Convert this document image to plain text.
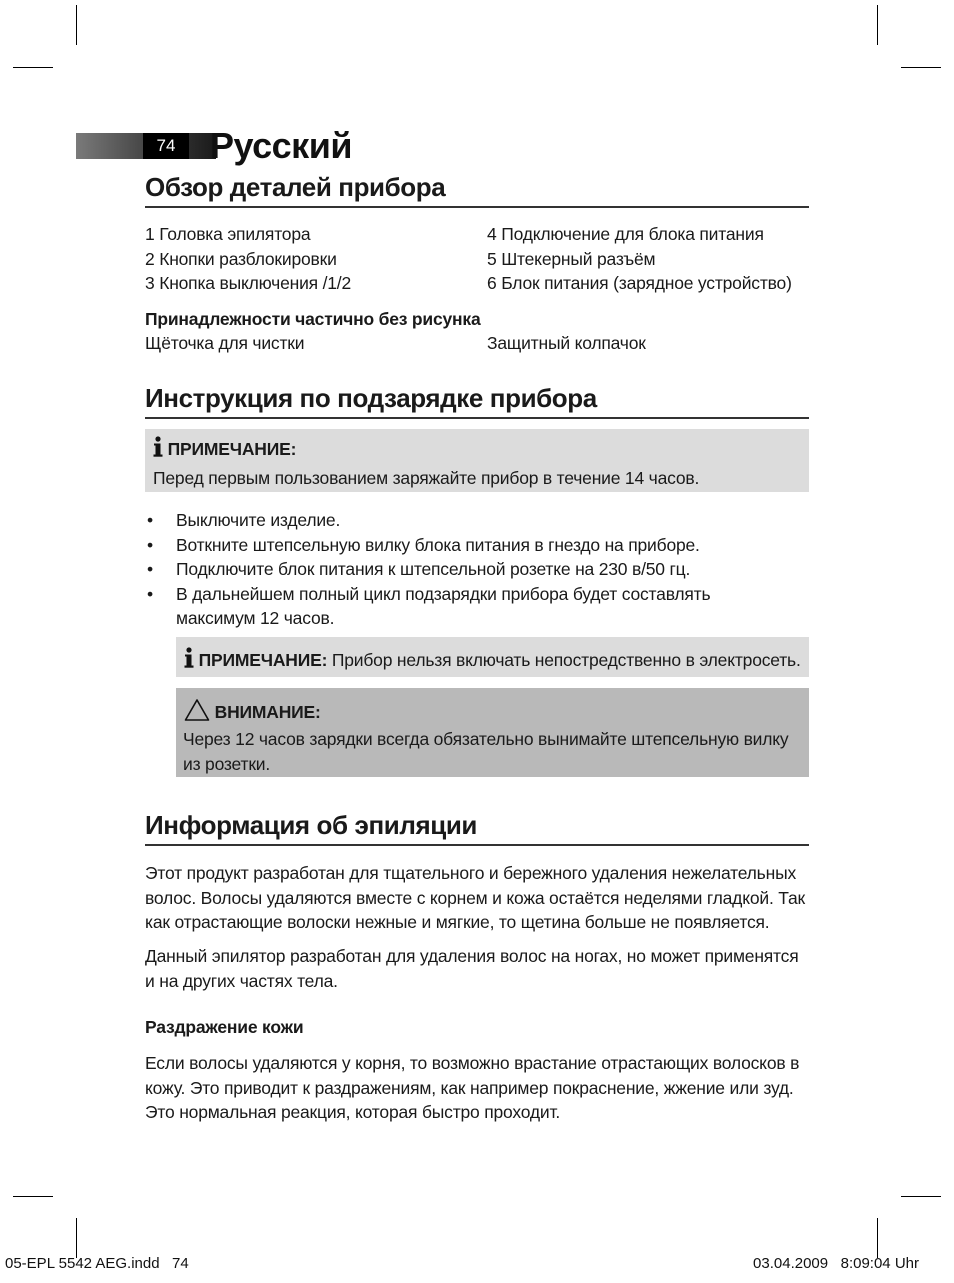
74 Русский
Обзор деталей прибора
1 Головка эпилятора
2 Кнопки разблокировки
3 Кнопка выключения /1/2
4 Подключение для блока питания
5 Штекерный разъём
6 Блок питания (зарядное устройство)
Принадлежности частично без рисунка
Щёточка для чистки	Защитный колпачок
Инструкция по подзарядке прибора
ПРИМЕЧАНИЕ:
Перед первым пользованием заряжайте прибор в течение 14 часов.
• Выключите изделие.
• Воткните штепсельную вилку блока питания в гнездо на приборе.
• Подключите блок питания к штепсельной розетке на 230 в/50 гц.
• В дальнейшем полный цикл подзарядки прибора будет составлять максимум 12 часов.
ПРИМЕЧАНИЕ: Прибор нельзя включать непостредственно в электросеть.
ВНИМАНИЕ:
Через 12 часов зарядки всегда обязательно вынимайте штепсельную вилку из розетки.
Информация об эпиляции
Этот продукт разработан для тщательного и бережного удаления нежелательных волос. Волосы удаляются вместе с корнем и кожа остаётся неделями гладкой. Так как отрастающие волоски нежные и мягкие, то щетина больше не появляется.
Данный эпилятор разработан для удаления волос на ногах, но может применятся и на других частях тела.
Раздражение кожи
Если волосы удаляются у корня, то возможно врастание отрастающих волосков в кожу. Это приводит к раздражениям, как например покраснение, жжение или зуд. Это нормальная реакция, которая быстро проходит.
05-EPL 5542 AEG.indd   74	03.04.2009   8:09:04 Uhr
